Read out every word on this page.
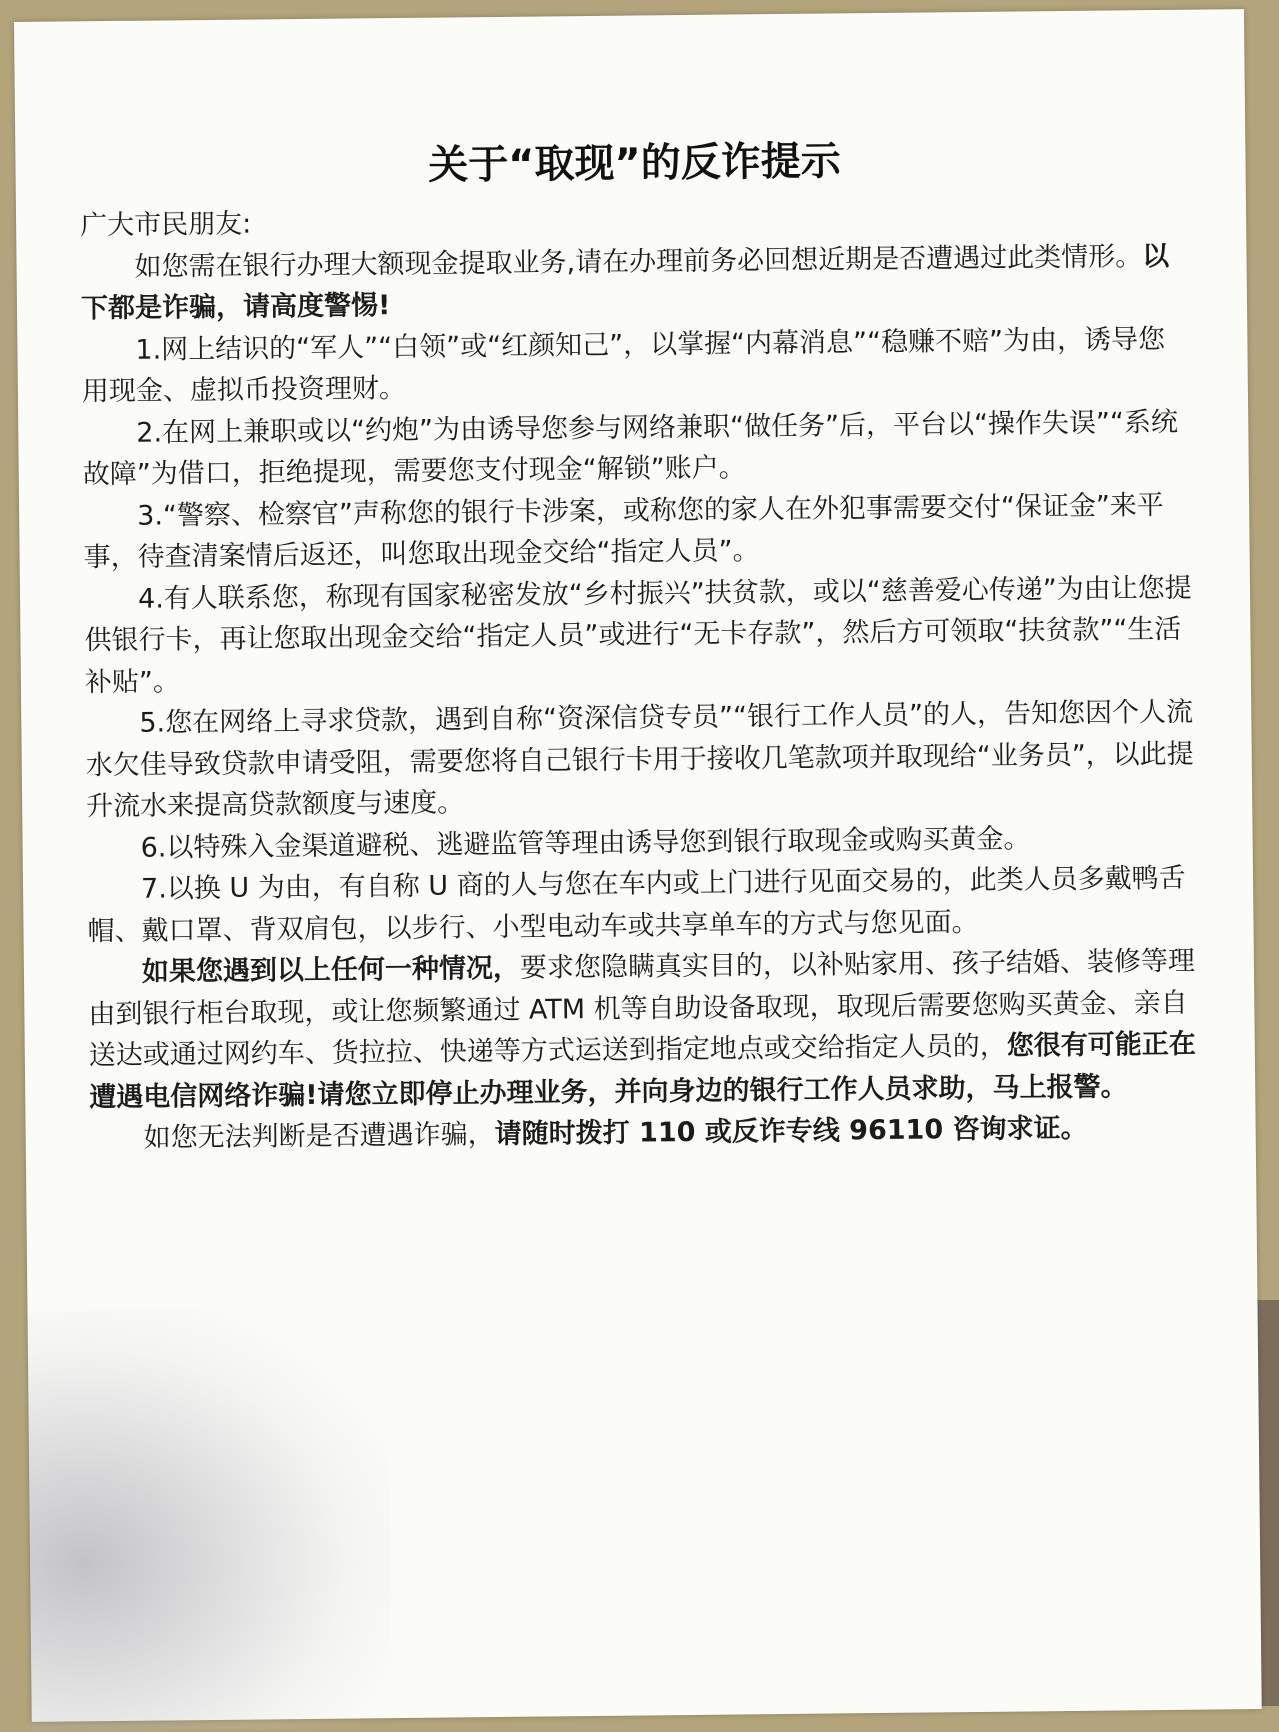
关于“取现”的反诈提示

广大市民朋友:

如您需在银行办理大额现金提取业务,请在办理前务必回想近期是否遭遇过此类情形。以下都是诈骗，请高度警惕!

1.网上结识的“军人”“白领”或“红颜知己”，以掌握“内幕消息”“稳赚不赔”为由，诱导您用现金、虚拟币投资理财。

2.在网上兼职或以“约炮”为由诱导您参与网络兼职“做任务”后，平台以“操作失误”“系统故障”为借口，拒绝提现，需要您支付现金“解锁”账户。

3.“警察、检察官”声称您的银行卡涉案，或称您的家人在外犯事需要交付“保证金”来平事，待查清案情后返还，叫您取出现金交给“指定人员”。

4.有人联系您，称现有国家秘密发放“乡村振兴”扶贫款，或以“慈善爱心传递”为由让您提供银行卡，再让您取出现金交给“指定人员”或进行“无卡存款”，然后方可领取“扶贫款”“生活补贴”。

5.您在网络上寻求贷款，遇到自称“资深信贷专员”“银行工作人员”的人，告知您因个人流水欠佳导致贷款申请受阻，需要您将自己银行卡用于接收几笔款项并取现给“业务员”，以此提升流水来提高贷款额度与速度。

6.以特殊入金渠道避税、逃避监管等理由诱导您到银行取现金或购买黄金。

7.以换 U 为由，有自称 U 商的人与您在车内或上门进行见面交易的，此类人员多戴鸭舌帽、戴口罩、背双肩包，以步行、小型电动车或共享单车的方式与您见面。

如果您遇到以上任何一种情况，要求您隐瞒真实目的，以补贴家用、孩子结婚、装修等理由到银行柜台取现，或让您频繁通过 ATM 机等自助设备取现，取现后需要您购买黄金、亲自送达或通过网约车、货拉拉、快递等方式运送到指定地点或交给指定人员的，您很有可能正在遭遇电信网络诈骗!请您立即停止办理业务，并向身边的银行工作人员求助，马上报警。

如您无法判断是否遭遇诈骗，请随时拨打 110 或反诈专线 96110 咨询求证。
